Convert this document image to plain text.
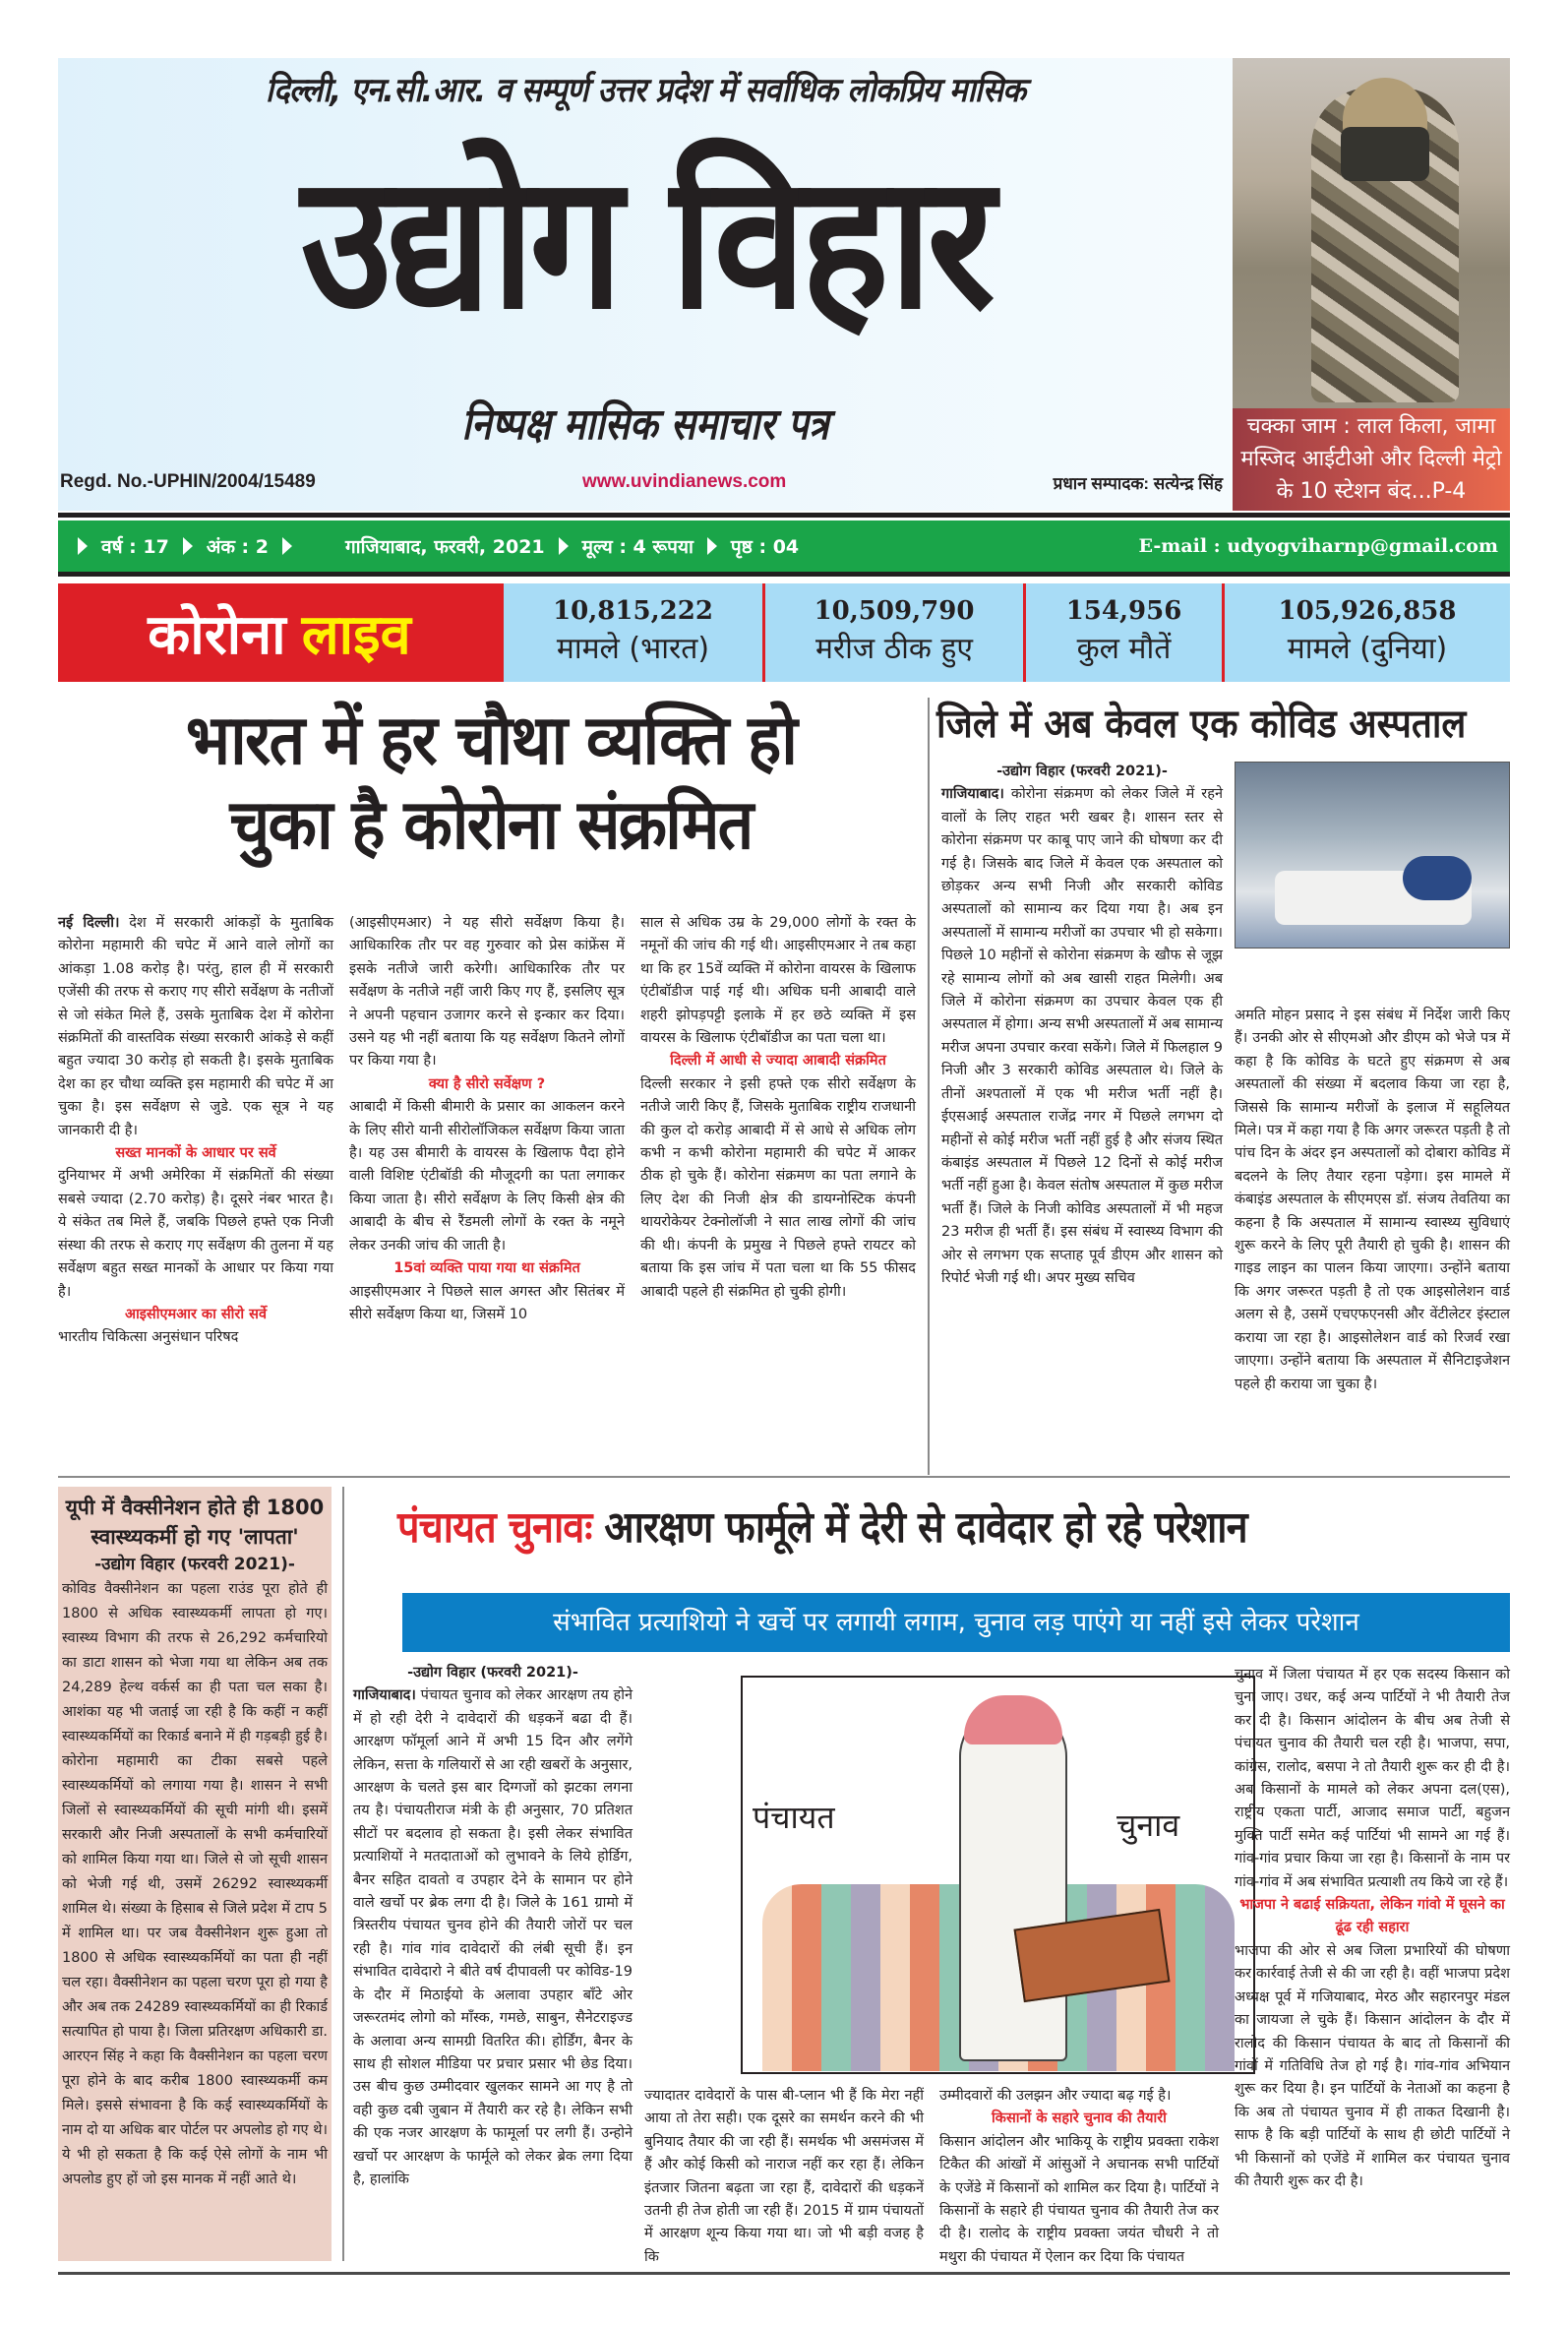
दिल्ली, एन.सी.आर. व सम्पूर्ण उत्तर प्रदेश में सर्वाधिक लोकप्रिय मासिक
उद्योग विहार
निष्पक्ष मासिक समाचार पत्र
Regd. No.-UPHIN/2004/15489	www.uvindianews.com	प्रधान सम्पादक: सत्येन्द्र सिंह
चक्का जाम : लाल किला, जामा मस्जिद आईटीओ और दिल्ली मेट्रो के 10 स्टेशन बंद...P-4
वर्ष : 17 अंक : 2	गाजियाबाद, फरवरी, 2021 मूल्य : 4 रूपया पृष्ठ : 04	E-mail : udyogviharnp@gmail.com
कोरोना लाइव	10,815,222
मामले (भारत)
10,509,790
मरीज ठीक हुए
154,956
कुल मौतें
105,926,858
मामले (दुनिया)
भारत में हर चौथा व्यक्ति हो
चुका है कोरोना संक्रमित
नई दिल्ली। देश में सरकारी आंकड़ों के मुताबिक कोरोना महामारी की चपेट में आने वाले लोगों का आंकड़ा 1.08 करोड़ है। परंतु, हाल ही में सरकारी एजेंसी की तरफ से कराए गए सीरो सर्वेक्षण के नतीजों से जो संकेत मिले हैं, उसके मुताबिक देश में कोरोना संक्रमितों की वास्तविक संख्या सरकारी आंकड़े से कहीं बहुत ज्यादा 30 करोड़ हो सकती है। इसके मुताबिक देश का हर चौथा व्यक्ति इस महामारी की चपेट में आ चुका है। इस सर्वेक्षण से जुडे. एक सूत्र ने यह जानकारी दी है।
सख्त मानकों के आधार पर सर्वे
दुनियाभर में अभी अमेरिका में संक्रमितों की संख्या सबसे ज्यादा (2.70 करोड़) है। दूसरे नंबर भारत है। ये संकेत तब मिले हैं, जबकि पिछले हफ्ते एक निजी संस्था की तरफ से कराए गए सर्वेक्षण की तुलना में यह सर्वेक्षण बहुत सख्त मानकों के आधार पर किया गया है।
आइसीएमआर का सीरो सर्वे
भारतीय चिकित्सा अनुसंधान परिषद
(आइसीएमआर) ने यह सीरो सर्वेक्षण किया है। आधिकारिक तौर पर वह गुरुवार को प्रेस कांफ्रेंस में इसके नतीजे जारी करेगी। आधिकारिक तौर पर सर्वेक्षण के नतीजे नहीं जारी किए गए हैं, इसलिए सूत्र ने अपनी पहचान उजागर करने से इन्कार कर दिया। उसने यह भी नहीं बताया कि यह सर्वेक्षण कितने लोगों पर किया गया है।
क्या है सीरो सर्वेक्षण ?
आबादी में किसी बीमारी के प्रसार का आकलन करने के लिए सीरो यानी सीरोलॉजिकल सर्वेक्षण किया जाता है। यह उस बीमारी के वायरस के खिलाफ पैदा होने वाली विशिष्ट एंटीबॉडी की मौजूदगी का पता लगाकर किया जाता है। सीरो सर्वेक्षण के लिए किसी क्षेत्र की आबादी के बीच से रैंडमली लोगों के रक्त के नमूने लेकर उनकी जांच की जाती है।
15वां व्यक्ति पाया गया था संक्रमित
आइसीएमआर ने पिछले साल अगस्त और सितंबर में सीरो सर्वेक्षण किया था, जिसमें 10
साल से अधिक उम्र के 29,000 लोगों के रक्त के नमूनों की जांच की गई थी। आइसीएमआर ने तब कहा था कि हर 15वें व्यक्ति में कोरोना वायरस के खिलाफ एंटीबॉडीज पाई गई थी। अधिक घनी आबादी वाले शहरी झोपड़पट्टी इलाके में हर छठे व्यक्ति में इस वायरस के खिलाफ एंटीबॉडीज का पता चला था।
दिल्ली में आधी से ज्यादा आबादी संक्रमित
दिल्ली सरकार ने इसी हफ्ते एक सीरो सर्वेक्षण के नतीजे जारी किए हैं, जिसके मुताबिक राष्ट्रीय राजधानी की कुल दो करोड़ आबादी में से आधे से अधिक लोग कभी न कभी कोरोना महामारी की चपेट में आकर ठीक हो चुके हैं। कोरोना संक्रमण का पता लगाने के लिए देश की निजी क्षेत्र की डायग्नोस्टिक कंपनी थायरोकेयर टेक्नोलॉजी ने सात लाख लोगों की जांच की थी। कंपनी के प्रमुख ने पिछले हफ्ते रायटर को बताया कि इस जांच में पता चला था कि 55 फीसद आबादी पहले ही संक्रमित हो चुकी होगी।
जिले में अब केवल एक कोविड अस्पताल
-उद्योग विहार (फरवरी 2021)-
गाजियाबाद। कोरोना संक्रमण को लेकर जिले में रहने वालों के लिए राहत भरी खबर है। शासन स्तर से कोरोना संक्रमण पर काबू पाए जाने की घोषणा कर दी गई है। जिसके बाद जिले में केवल एक अस्पताल को छोड़कर अन्य सभी निजी और सरकारी कोविड अस्पतालों को सामान्य कर दिया गया है। अब इन अस्पतालों में सामान्य मरीजों का उपचार भी हो सकेगा। पिछले 10 महीनों से कोरोना संक्रमण के खौफ से जूझ रहे सामान्य लोगों को अब खासी राहत मिलेगी। अब जिले में कोरोना संक्रमण का उपचार केवल एक ही अस्पताल में होगा। अन्य सभी अस्पतालों में अब सामान्य मरीज अपना उपचार करवा सकेंगे। जिले में फिलहाल 9 निजी और 3 सरकारी कोविड अस्पताल थे। जिले के तीनों अश्पतालों में एक भी मरीज भर्ती नहीं है। ईएसआई अस्पताल राजेंद्र नगर में पिछले लगभग दो महीनों से कोई मरीज भर्ती नहीं हुई है और संजय स्थित कंबाइंड अस्पताल में पिछले 12 दिनों से कोई मरीज भर्ती नहीं हुआ है। केवल संतोष अस्पताल में कुछ मरीज भर्ती हैं। जिले के निजी कोविड अस्पतालों में भी महज 23 मरीज ही भर्ती हैं। इस संबंध में स्वास्थ्य विभाग की ओर से लगभग एक सप्ताह पूर्व डीएम और शासन को रिपोर्ट भेजी गई थी। अपर मुख्य सचिव
अमति मोहन प्रसाद ने इस संबंध में निर्देश जारी किए हैं। उनकी ओर से सीएमओ और डीएम को भेजे पत्र में कहा है कि कोविड के घटते हुए संक्रमण से अब अस्पतालों की संख्या में बदलाव किया जा रहा है, जिससे कि सामान्य मरीजों के इलाज में सहूलियत मिले। पत्र में कहा गया है कि अगर जरूरत पड़ती है तो पांच दिन के अंदर इन अस्पतालों को दोबारा कोविड में बदलने के लिए तैयार रहना पड़ेगा। इस मामले में कंबाइंड अस्पताल के सीएमएस डॉ. संजय तेवतिया का कहना है कि अस्पताल में सामान्य स्वास्थ्य सुविधाएं शुरू करने के लिए पूरी तैयारी हो चुकी है। शासन की गाइड लाइन का पालन किया जाएगा। उन्होंने बताया कि अगर जरूरत पड़ती है तो एक आइसोलेशन वार्ड अलग से है, उसमें एचएफएनसी और वेंटीलेटर इंस्टाल कराया जा रहा है। आइसोलेशन वार्ड को रिजर्व रखा जाएगा। उन्होंने बताया कि अस्पताल में सैनिटाइजेशन पहले ही कराया जा चुका है।
यूपी में वैक्सीनेशन होते ही 1800 स्वास्थ्यकर्मी हो गए 'लापता'
-उद्योग विहार (फरवरी 2021)-
कोविड वैक्सीनेशन का पहला राउंड पूरा होते ही 1800 से अधिक स्वास्थ्यकर्मी लापता हो गए। स्वास्थ्य विभाग की तरफ से 26,292 कर्मचारियो का डाटा शासन को भेजा गया था लेकिन अब तक 24,289 हेल्थ वर्कर्स का ही पता चल सका है। आशंका यह भी जताई जा रही है कि कहीं न कहीं स्वास्थ्यकर्मियों का रिकार्ड बनाने में ही गड़बड़ी हुई है। कोरोना महामारी का टीका सबसे पहले स्वास्थ्यकर्मियों को लगाया गया है। शासन ने सभी जिलों से स्वास्थ्यकर्मियों की सूची मांगी थी। इसमें सरकारी और निजी अस्पतालों के सभी कर्मचारियों को शामिल किया गया था। जिले से जो सूची शासन को भेजी गई थी, उसमें 26292 स्वास्थ्यकर्मी शामिल थे। संख्या के हिसाब से जिले प्रदेश में टाप 5 में शामिल था। पर जब वैक्सीनेशन शुरू हुआ तो 1800 से अधिक स्वास्थ्यकर्मियों का पता ही नहीं चल रहा। वैक्सीनेशन का पहला चरण पूरा हो गया है और अब तक 24289 स्वास्थ्यकर्मियों का ही रिकार्ड सत्यापित हो पाया है। जिला प्रतिरक्षण अधिकारी डा. आरएन सिंह ने कहा कि वैक्सीनेशन का पहला चरण पूरा होने के बाद करीब 1800 स्वास्थ्यकर्मी कम मिले। इससे संभावना है कि कई स्वास्थ्यकर्मियों के नाम दो या अधिक बार पोर्टल पर अपलोड हो गए थे। ये भी हो सकता है कि कई ऐसे लोगों के नाम भी अपलोड हुए हों जो इस मानक में नहीं आते थे।
पंचायत चुनावः आरक्षण फार्मूले में देरी से दावेदार हो रहे परेशान
संभावित प्रत्याशियो ने खर्चे पर लगायी लगाम, चुनाव लड़ पाएंगे या नहीं इसे लेकर परेशान
-उद्योग विहार (फरवरी 2021)-
गाजियाबाद। पंचायत चुनाव को लेकर आरक्षण तय होने में हो रही देरी ने दावेदारों की धड़कनें बढा दी हैं। आरक्षण फॉमूर्ला आने में अभी 15 दिन और लगेंगे लेकिन, सत्ता के गलियारों से आ रही खबरों के अनुसार, आरक्षण के चलते इस बार दिग्गजों को झटका लगना तय है। पंचायतीराज मंत्री के ही अनुसार, 70 प्रतिशत सीटों पर बदलाव हो सकता है। इसी लेकर संभावित प्रत्याशियों ने मतदाताओं को लुभावने के लिये होर्डिग, बैनर सहित दावतो व उपहार देने के सामान पर होने वाले खर्चो पर ब्रेक लगा दी है। जिले के 161 ग्रामो में त्रिस्तरीय पंचायत चुनव होने की तैयारी जोरों पर चल रही है। गांव गांव दावेदारों की लंबी सूची हैं। इन संभावित दावेदारो ने बीते वर्ष दीपावली पर कोविड-19 के दौर में मिठाईयो के अलावा उपहार बाँटे ओर जरूरतमंद लोगो को माँस्क, गमछे, साबुन, सैनेटराइज्ड के अलावा अन्य सामग्री वितरित की। होर्डिंग, बैनर के साथ ही सोशल मीडिया पर प्रचार प्रसार भी छेड दिया। उस बीच कुछ उम्मीदवार खुलकर सामने आ गए है तो वही कुछ दबी जुबान में तैयारी कर रहे है। लेकिन सभी की एक नजर आरक्षण के फामूर्ला पर लगी हैं। उन्होने खर्चो पर आरक्षण के फार्मूले को लेकर ब्रेक लगा दिया है, हालांकि
पंचायत	चुनाव
ज्यादातर दावेदारों के पास बी-प्लान भी हैं कि मेरा नहीं आया तो तेरा सही। एक दूसरे का समर्थन करने की भी बुनियाद तैयार की जा रही हैं। समर्थक भी असमंजस में हैं और कोई किसी को नाराज नहीं कर रहा हैं। लेकिन इंतजार जितना बढ़ता जा रहा हैं, दावेदारों की धड़कनें उतनी ही तेज होती जा रही हैं। 2015 में ग्राम पंचायतों में आरक्षण शून्य किया गया था। जो भी बड़ी वजह है कि
उम्मीदवारों की उलझन और ज्यादा बढ़ गई है।
किसानों के सहारे चुनाव की तैयारी
किसान आंदोलन और भाकियू के राष्ट्रीय प्रवक्ता राकेश टिकैत की आंखों में आंसुओं ने अचानक सभी पार्टियों के एजेंडे में किसानों को शामिल कर दिया है। पार्टियों ने किसानों के सहारे ही पंचायत चुनाव की तैयारी तेज कर दी है। रालोद के राष्ट्रीय प्रवक्ता जयंत चौधरी ने तो मथुरा की पंचायत में ऐलान कर दिया कि पंचायत
चुनाव में जिला पंचायत में हर एक सदस्य किसान को चुना जाए। उधर, कई अन्य पार्टियों ने भी तैयारी तेज कर दी है। किसान आंदोलन के बीच अब तेजी से पंचायत चुनाव की तैयारी चल रही है। भाजपा, सपा, कांग्रेस, रालोद, बसपा ने तो तैयारी शुरू कर ही दी है। अब किसानों के मामले को लेकर अपना दल(एस), राष्ट्रीय एकता पार्टी, आजाद समाज पार्टी, बहुजन मुक्ति पार्टी समेत कई पार्टियां भी सामने आ गई हैं। गांव-गांव प्रचार किया जा रहा है। किसानों के नाम पर गांव-गांव में अब संभावित प्रत्याशी तय किये जा रहे हैं।
भाजपा ने बढाई सक्रियता, लेकिन गांवो में घूसने का ढूंढ रही सहारा
भाजपा की ओर से अब जिला प्रभारियों की घोषणा कर कार्रवाई तेजी से की जा रही है। वहीं भाजपा प्रदेश अध्यक्ष पूर्व में गजियाबाद, मेरठ और सहारनपुर मंडल का जायजा ले चुके हैं। किसान आंदोलन के दौर में रालोद की किसान पंचायत के बाद तो किसानों की गांवों में गतिविधि तेज हो गई है। गांव-गांव अभियान शुरू कर दिया है। इन पार्टियों के नेताओं का कहना है कि अब तो पंचायत चुनाव में ही ताकत दिखानी है। साफ है कि बड़ी पार्टियों के साथ ही छोटी पार्टियों ने भी किसानों को एजेंडे में शामिल कर पंचायत चुनाव की तैयारी शुरू कर दी है।
